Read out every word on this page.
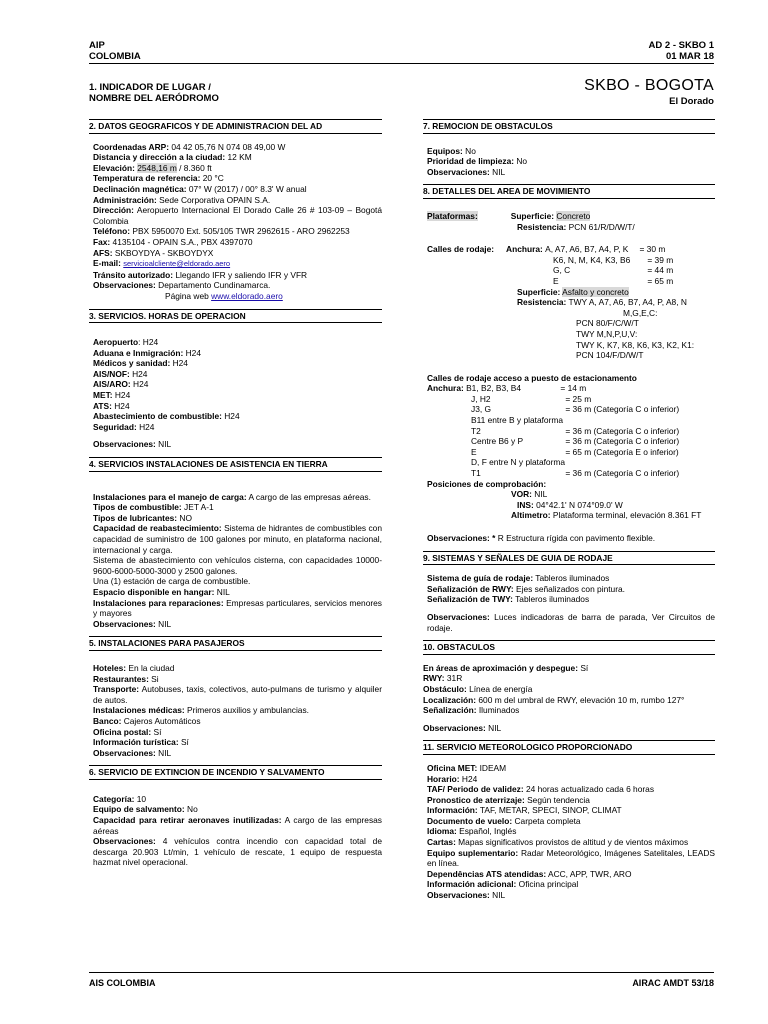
AIP
COLOMBIA
AD 2 - SKBO 1
01 MAR 18
1. INDICADOR DE LUGAR /
NOMBRE DEL AERÓDROMO
SKBO - BOGOTA
El Dorado
2. DATOS GEOGRAFICOS Y DE ADMINISTRACION DEL AD
Coordenadas ARP: 04 42 05,76 N 074 08 49,00 W
Distancia y dirección a la ciudad: 12 KM
Elevación: 2548,16 m / 8.360 ft
Temperatura de referencia: 20 °C
Declinación magnética: 07° W (2017) / 00° 8.3' W anual
Administración: Sede Corporativa OPAIN S.A.
Dirección: Aeropuerto Internacional El Dorado Calle 26 # 103-09 – Bogotá Colombia
Teléfono: PBX 5950070 Ext. 505/105 TWR 2962615 - ARO 2962253
Fax: 4135104 - OPAIN S.A., PBX 4397070
AFS: SKBOYDYA - SKBOYDYX
E-mail: servicioalcliente@eldorado.aero
Tránsito autorizado: Llegando IFR y saliendo IFR y VFR
Observaciones: Departamento Cundinamarca.
Página web www.eldorado.aero
3. SERVICIOS. HORAS DE OPERACION
Aeropuerto: H24
Aduana e Inmigración: H24
Médicos y sanidad: H24
AIS/NOF: H24
AIS/ARO: H24
MET: H24
ATS: H24
Abastecimiento de combustible: H24
Seguridad: H24
Observaciones: NIL
4. SERVICIOS INSTALACIONES DE ASISTENCIA EN TIERRA
Instalaciones para el manejo de carga: A cargo de las empresas aéreas.
Tipos de combustible: JET A-1
Tipos de lubricantes: NO
Capacidad de reabastecimiento: Sistema de hidrantes de combustibles con capacidad de suministro de 100 galones por minuto, en plataforma nacional, internacional y carga.
Sistema de abastecimiento con vehículos cisterna, con capacidades 10000-9600-6000-5000-3000 y 2500 galones.
Una (1) estación de carga de combustible.
Espacio disponible en hangar: NIL
Instalaciones para reparaciones: Empresas particulares, servicios menores y mayores
Observaciones: NIL
5. INSTALACIONES PARA PASAJEROS
Hoteles: En la ciudad
Restaurantes: Si
Transporte: Autobuses, taxis, colectivos, auto-pulmans de turismo y alquiler de autos.
Instalaciones médicas: Primeros auxilios y ambulancias.
Banco: Cajeros Automáticos
Oficina postal: Sí
Información turística: Sí
Observaciones: NIL
6. SERVICIO DE EXTINCION DE INCENDIO Y SALVAMENTO
Categoría: 10
Equipo de salvamento: No
Capacidad para retirar aeronaves inutilizadas: A cargo de las empresas aéreas
Observaciones: 4 vehículos contra incendio con capacidad total de descarga 20.903 Lt/min, 1 vehículo de rescate, 1 equipo de respuesta hazmat nivel operacional.
7. REMOCION DE OBSTACULOS
Equipos: No
Prioridad de limpieza: No
Observaciones: NIL
8. DETALLES DEL AREA DE MOVIMIENTO
Plataformas:	Superficie: Concreto
Resistencia: PCN 61/R/D/W/T/
Calles de rodaje: Anchura: A, A7, A6, B7, A4, P, K = 30 m
K6, N, M, K4, K3, B6 = 39 m
G, C	= 44 m
E	= 65 m
Superficie: Asfalto y concreto
Resistencia: TWY A, A7, A6, B7, A4, P, A8, N
M,G,E,C:
PCN 80/F/C/W/T
TWY M,N,P,U,V:
TWY K, K7, K8, K6, K3, K2, K1:
PCN 104/F/D/W/T
Calles de rodaje acceso a puesto de estacionamento
Anchura: B1, B2, B3, B4	= 14 m
J, H2	= 25 m
J3, G	= 36 m (Categoría C o inferior)
B11 entre B y plataforma
T2	= 36 m (Categoría C o inferior)
Centre B6 y P	= 36 m (Categoría C o inferior)
E	= 65 m (Categoría E o inferior)
D, F entre N y plataforma
T1	= 36 m (Categoría C o inferior)
Posiciones de comprobación:
VOR: NIL
INS: 04°42.1' N 074°09.0' W
Altimetro: Plataforma terminal, elevación 8.361 FT
Observaciones: * R Estructura rígida con pavimento flexible.
9. SISTEMAS Y SEÑALES DE GUIA DE RODAJE
Sistema de guía de rodaje: Tableros iluminados
Señalización de RWY: Ejes señalizados con pintura.
Señalización de TWY: Tableros iluminados
Observaciones: Luces indicadoras de barra de parada, Ver Circuitos de rodaje.
10. OBSTACULOS
En áreas de aproximación y despegue: Sí
RWY: 31R
Obstáculo: Línea de energía
Localización: 600 m del umbral de RWY, elevación 10 m, rumbo 127°
Señalización: Iluminados
Observaciones: NIL
11. SERVICIO METEOROLOGICO PROPORCIONADO
Oficina MET: IDEAM
Horario: H24
TAF/ Periodo de validez: 24 horas actualizado cada 6 horas
Pronostico de aterrizaje: Según tendencia
Información: TAF, METAR, SPECI, SINOP, CLIMAT
Documento de vuelo: Carpeta completa
Idioma: Español, Inglés
Cartas: Mapas significativos provistos de altitud y de vientos máximos
Equipo suplementario: Radar Meteorológico, Imágenes Satelitales, LEADS en línea.
Dependências ATS atendidas: ACC, APP, TWR, ARO
Información adicional: Oficina principal
Observaciones: NIL
AIS COLOMBIA	AIRAC AMDT 53/18
